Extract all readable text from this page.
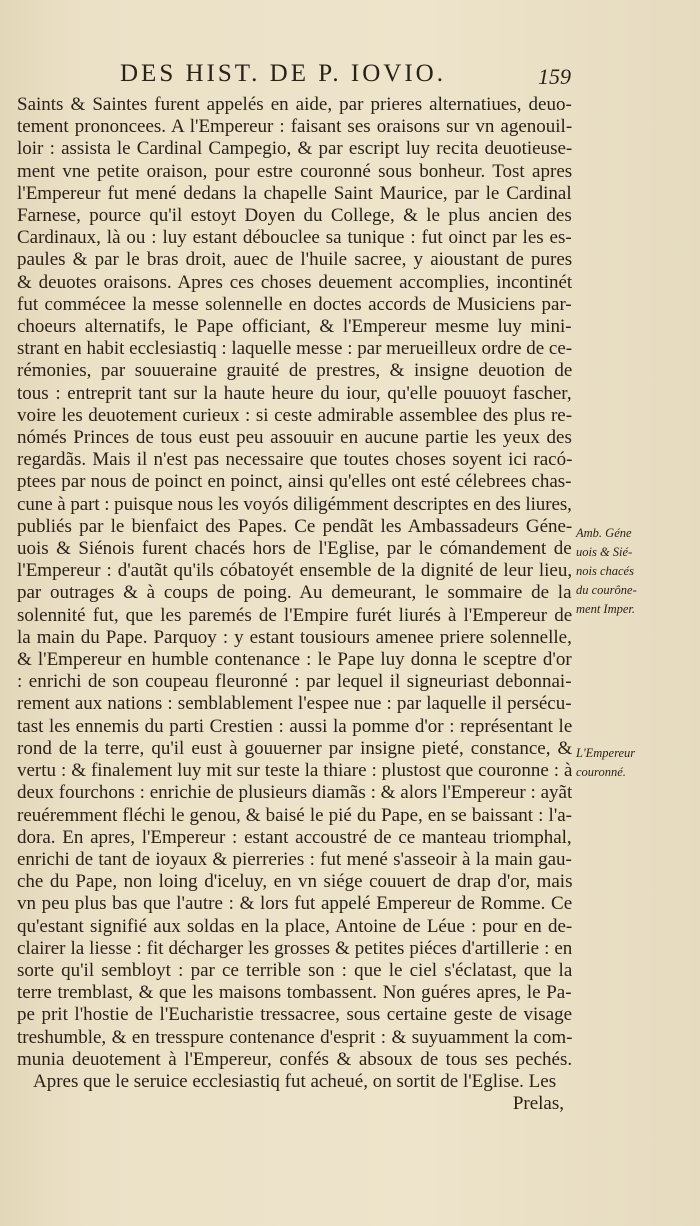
DES HIST. DE P. IOVIO.	159
Saints & Saintes furent appelés en aide, par prieres alternatiues, deuo-
tement prononcees. A l'Empereur : faisant ses oraisons sur vn agenouil-
loir : assista le Cardinal Campegio, & par escript luy recita deuotieuse-
ment vne petite oraison, pour estre couronné sous bonheur. Tost apres
l'Empereur fut mené dedans la chapelle Saint Maurice, par le Cardinal
Farnese, pource qu'il estoyt Doyen du College, & le plus ancien des
Cardinaux, là ou : luy estant débouclee sa tunique : fut oinct par les es-
paules & par le bras droit, auec de l'huile sacree, y aioustant de pures
& deuotes oraisons. Apres ces choses deuement accomplies, incontinét
fut commécee la messe solennelle en doctes accords de Musiciens par-
choeurs alternatifs, le Pape officiant, & l'Empereur mesme luy mini-
strant en habit ecclesiastiq : laquelle messe : par merueilleux ordre de ce-
rémonies, par souueraine grauité de prestres, & insigne deuotion de
tous : entreprit tant sur la haute heure du iour, qu'elle pouuoyt fascher,
voire les deuotement curieux : si ceste admirable assemblee des plus re-
nómés Princes de tous eust peu assouuir en aucune partie les yeux des
regardãs. Mais il n'est pas necessaire que toutes choses soyent ici racó-
ptees par nous de poinct en poinct, ainsi qu'elles ont esté célebrees chas-
cune à part : puisque nous les voyós diligémment descriptes en des liures,
publiés par le bienfaict des Papes. Ce pendãt les Ambassadeurs Géne-
uois & Siénois furent chacés hors de l'Eglise, par le cómandement de
l'Empereur : d'autãt qu'ils cóbatoyét ensemble de la dignité de leur lieu,
par outrages & à coups de poing. Au demeurant, le sommaire de la
solennité fut, que les paremés de l'Empire furét liurés à l'Empereur de
la main du Pape. Parquoy : y estant tousiours amenee priere solennelle,
& l'Empereur en humble contenance : le Pape luy donna le sceptre d'or
: enrichi de son coupeau fleuronné : par lequel il signeuriast debonnai-
rement aux nations : semblablement l'espee nue : par laquelle il persécu-
tast les ennemis du parti Crestien : aussi la pomme d'or : représentant le
rond de la terre, qu'il eust à gouuerner par insigne pieté, constance, &
vertu : & finalement luy mit sur teste la thiare : plustost que couronne : à
deux fourchons : enrichie de plusieurs diamãs : & alors l'Empereur : ayãt
reuéremment fléchi le genou, & baisé le pié du Pape, en se baissant : l'a-
dora. En apres, l'Empereur : estant accoustré de ce manteau triomphal,
enrichi de tant de ioyaux & pierreries : fut mené s'asseoir à la main gau-
che du Pape, non loing d'iceluy, en vn siége couuert de drap d'or, mais
vn peu plus bas que l'autre : & lors fut appelé Empereur de Romme. Ce
qu'estant signifié aux soldas en la place, Antoine de Léue : pour en de-
clairer la liesse : fit décharger les grosses & petites piéces d'artillerie : en
sorte qu'il sembloyt : par ce terrible son : que le ciel s'éclatast, que la
terre tremblast, & que les maisons tombassent. Non guéres apres, le Pa-
pe prit l'hostie de l'Eucharistie tressacree, sous certaine geste de visage
treshumble, & en tresspure contenance d'esprit : & suyuamment la com-
munia deuotement à l'Empereur, confés & absoux de tous ses pechés.
Apres que le seruice ecclesiastiq fut acheué, on sortit de l'Eglise. Les
Prelas,
Amb. Géne
uois & Sié-
nois chacés
du courône-
ment Imper.
L'Empereur
couronné.
